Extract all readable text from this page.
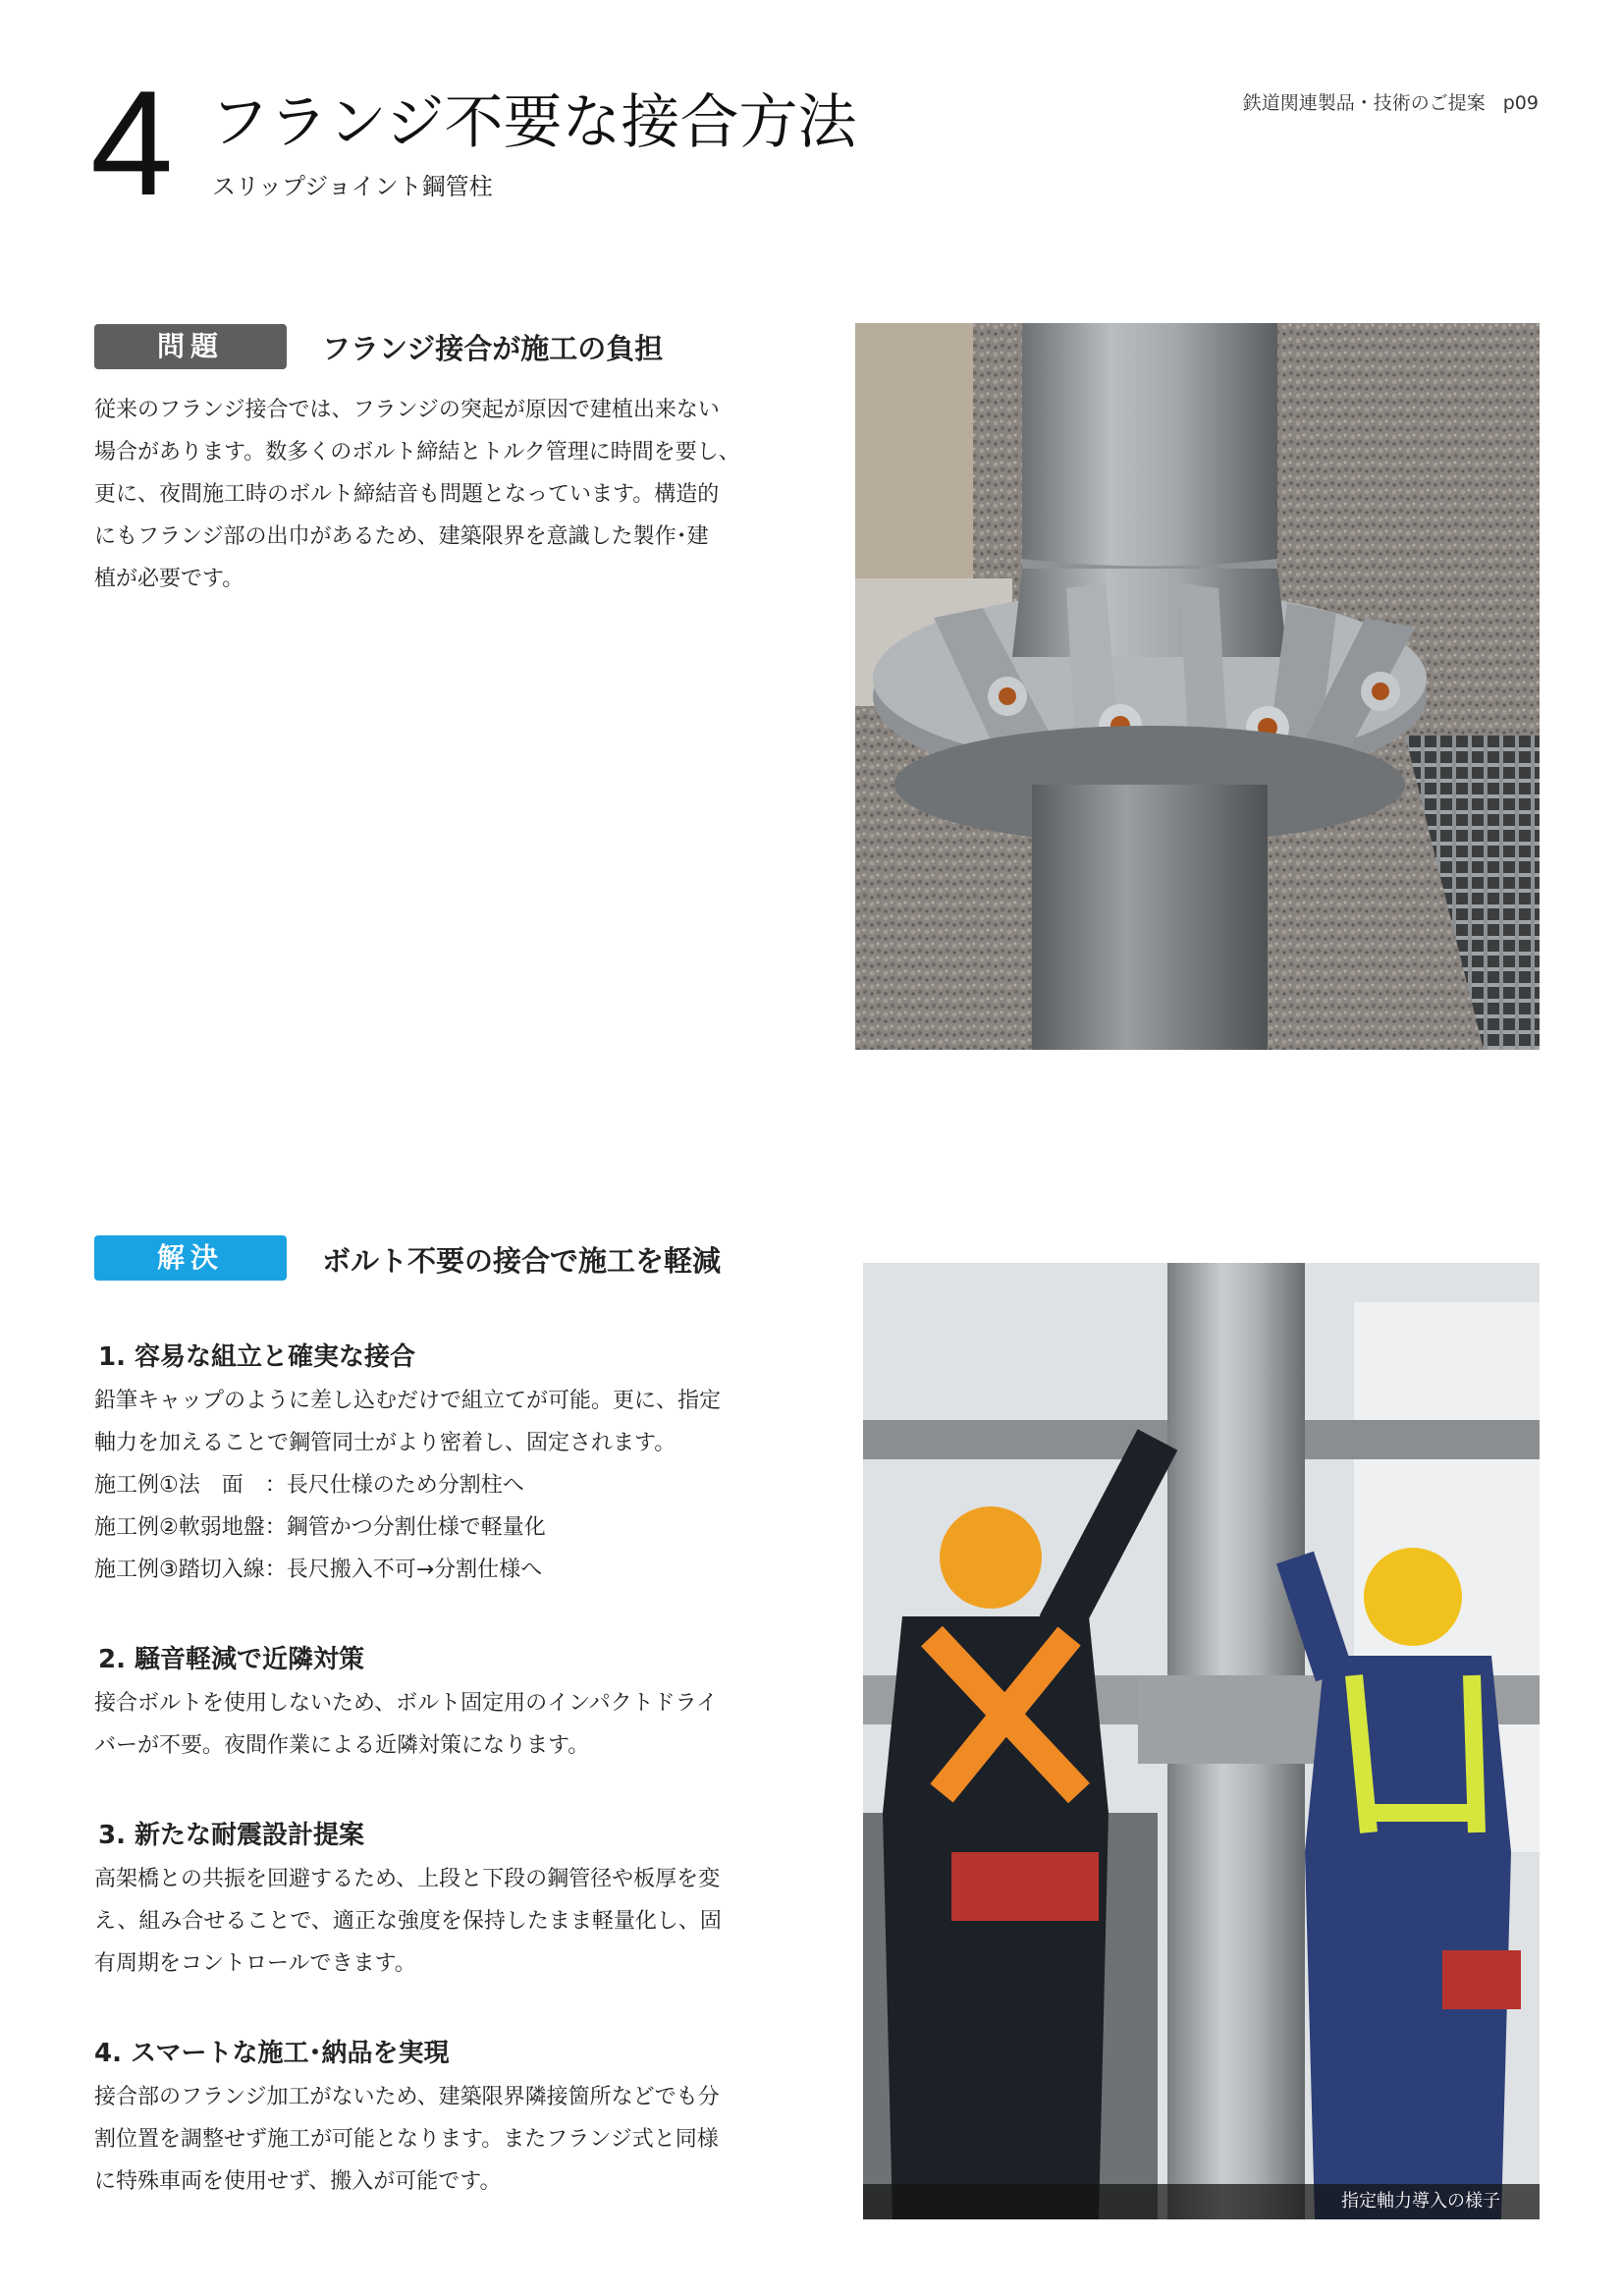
4 フランジ不要な接合方法
スリップジョイント鋼管柱
鉄道関連製品・技術のご提案 p09
問題	フランジ接合が施工の負担
従来のフランジ接合では、フランジの突起が原因で建植出来ない
場合があります。数多くのボルト締結とトルク管理に時間を要し、
更に、夜間施工時のボルト締結音も問題となっています。構造的
にもフランジ部の出巾があるため、建築限界を意識した製作･建
植が必要です。
解決	ボルト不要の接合で施工を軽減
1. 容易な組立と確実な接合
鉛筆キャップのように差し込むだけで組立てが可能。更に、指定
軸力を加えることで鋼管同士がより密着し、固定されます。
施工例①法　面　：長尺仕様のため分割柱へ
施工例②軟弱地盤：鋼管かつ分割仕様で軽量化
施工例③踏切入線：長尺搬入不可→分割仕様へ
2. 騒音軽減で近隣対策
接合ボルトを使用しないため、ボルト固定用のインパクトドライ
バーが不要。夜間作業による近隣対策になります。
3. 新たな耐震設計提案
高架橋との共振を回避するため、上段と下段の鋼管径や板厚を変
え、組み合せることで、適正な強度を保持したまま軽量化し、固
有周期をコントロールできます。
4. スマートな施工･納品を実現
接合部のフランジ加工がないため、建築限界隣接箇所などでも分
割位置を調整せず施工が可能となります。またフランジ式と同様
に特殊車両を使用せず、搬入が可能です。
指定軸力導入の様子
